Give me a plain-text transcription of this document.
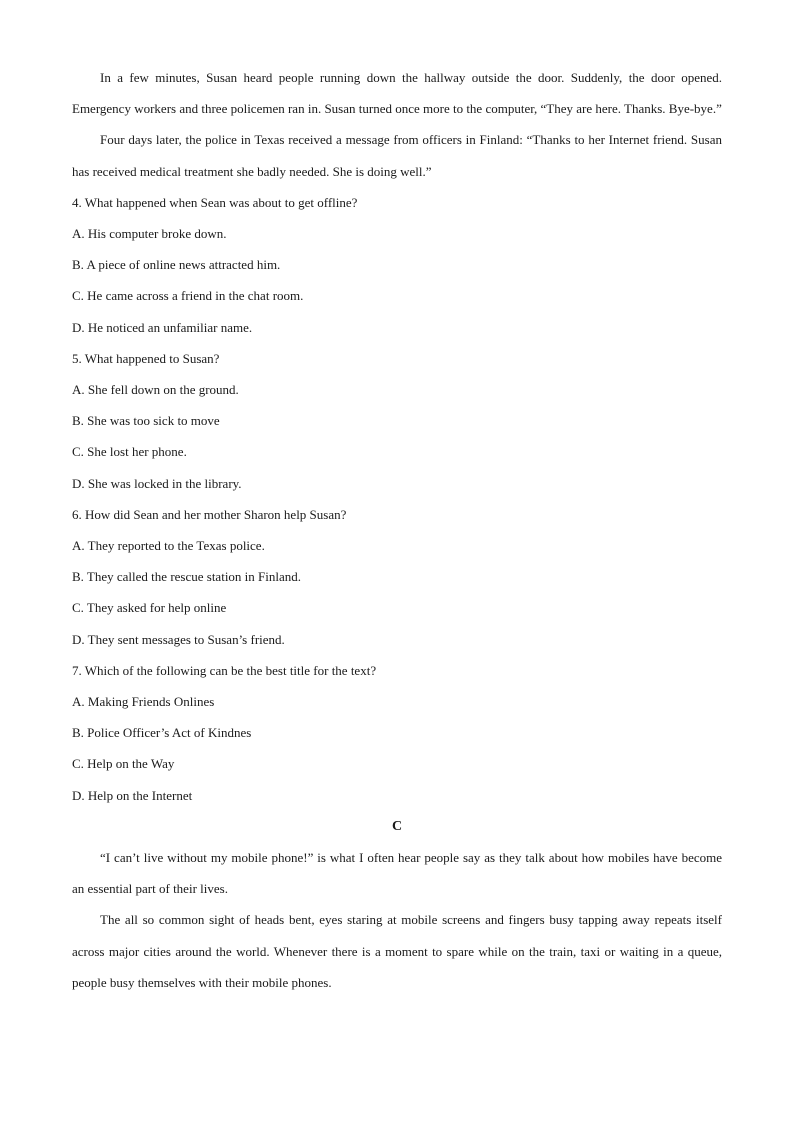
In a few minutes, Susan heard people running down the hallway outside the door. Suddenly, the door opened. Emergency workers and three policemen ran in. Susan turned once more to the computer, “They are here. Thanks. Bye-bye.”

Four days later, the police in Texas received a message from officers in Finland: “Thanks to her Internet friend. Susan has received medical treatment she badly needed. She is doing well.”

4. What happened when Sean was about to get offline?

A. His computer broke down.

B. A piece of online news attracted him.

C. He came across a friend in the chat room.

D. He noticed an unfamiliar name.

5. What happened to Susan?

A. She fell down on the ground.

B. She was too sick to move

C. She lost her phone.

D. She was locked in the library.

6. How did Sean and her mother Sharon help Susan?

A. They reported to the Texas police.

B. They called the rescue station in Finland.

C. They asked for help online

D. They sent messages to Susan’s friend.

7. Which of the following can be the best title for the text?

A. Making Friends Onlines

B. Police Officer’s Act of Kindnes

C. Help on the Way

D. Help on the Internet

C

“I can’t live without my mobile phone!” is what I often hear people say as they talk about how mobiles have become an essential part of their lives.

The all so common sight of heads bent, eyes staring at mobile screens and fingers busy tapping away repeats itself across major cities around the world. Whenever there is a moment to spare while on the train, taxi or waiting in a queue, people busy themselves with their mobile phones.
